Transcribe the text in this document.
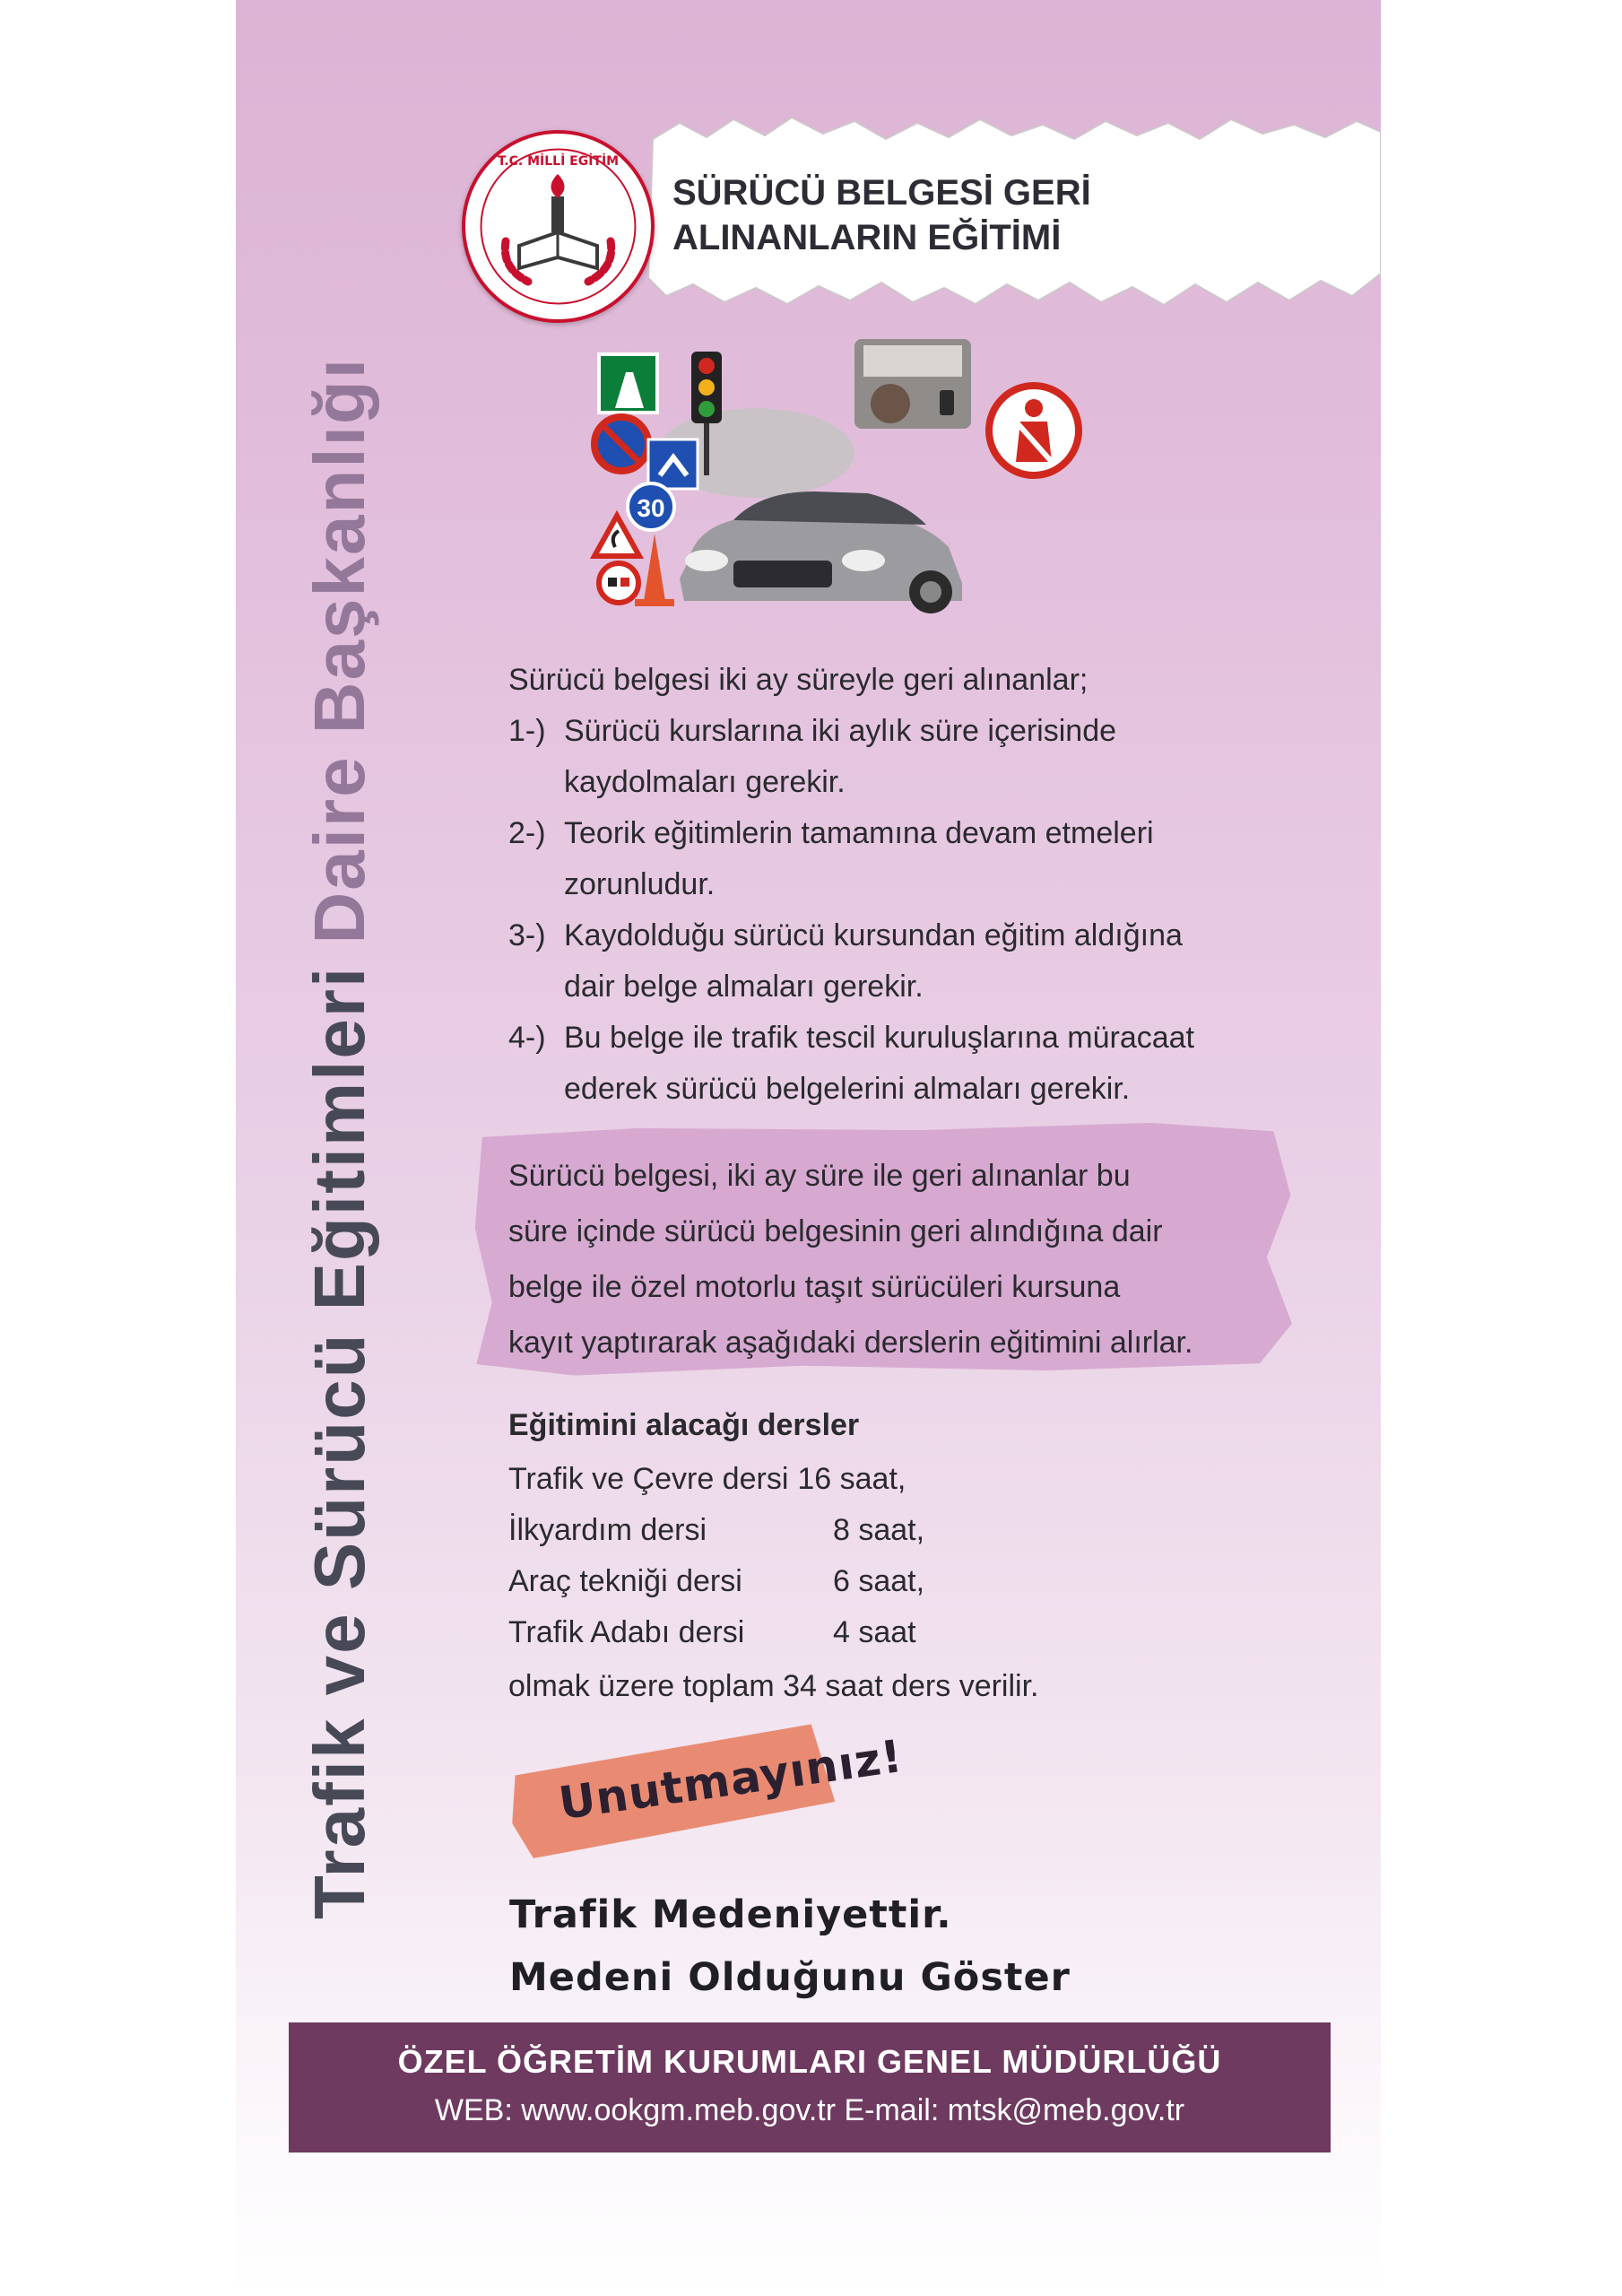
Trafik ve Sürücü Eğitimleri Daire Başkanlığı
SÜRÜCÜ BELGESİ GERİ
ALINANLARIN EĞİTİMİ
T.C. MİLLİ EĞİTİM
30
Sürücü belgesi iki ay süreyle geri alınanlar;
1-) Sürücü kurslarına iki aylık süre içerisinde
kaydolmaları gerekir.
2-) Teorik eğitimlerin tamamına devam etmeleri
zorunludur.
3-) Kaydolduğu sürücü kursundan eğitim aldığına
dair belge almaları gerekir.
4-) Bu belge ile trafik tescil kuruluşlarına müracaat
ederek sürücü belgelerini almaları gerekir.
Sürücü belgesi, iki ay süre ile geri alınanlar bu
süre içinde sürücü belgesinin geri alındığına dair
belge ile özel motorlu taşıt sürücüleri kursuna
kayıt yaptırarak aşağıdaki derslerin eğitimini alırlar.
Eğitimini alacağı dersler
Trafik ve Çevre dersi 16 saat,
İlkyardım dersi	8 saat,
Araç tekniği dersi	6 saat,
Trafik Adabı dersi	4 saat
olmak üzere toplam 34 saat ders verilir.
Unutmayınız!
Trafik Medeniyettir.
Medeni Olduğunu Göster
ÖZEL ÖĞRETİM KURUMLARI GENEL MÜDÜRLÜĞÜ
WEB: www.ookgm.meb.gov.tr E-mail: mtsk@meb.gov.tr
